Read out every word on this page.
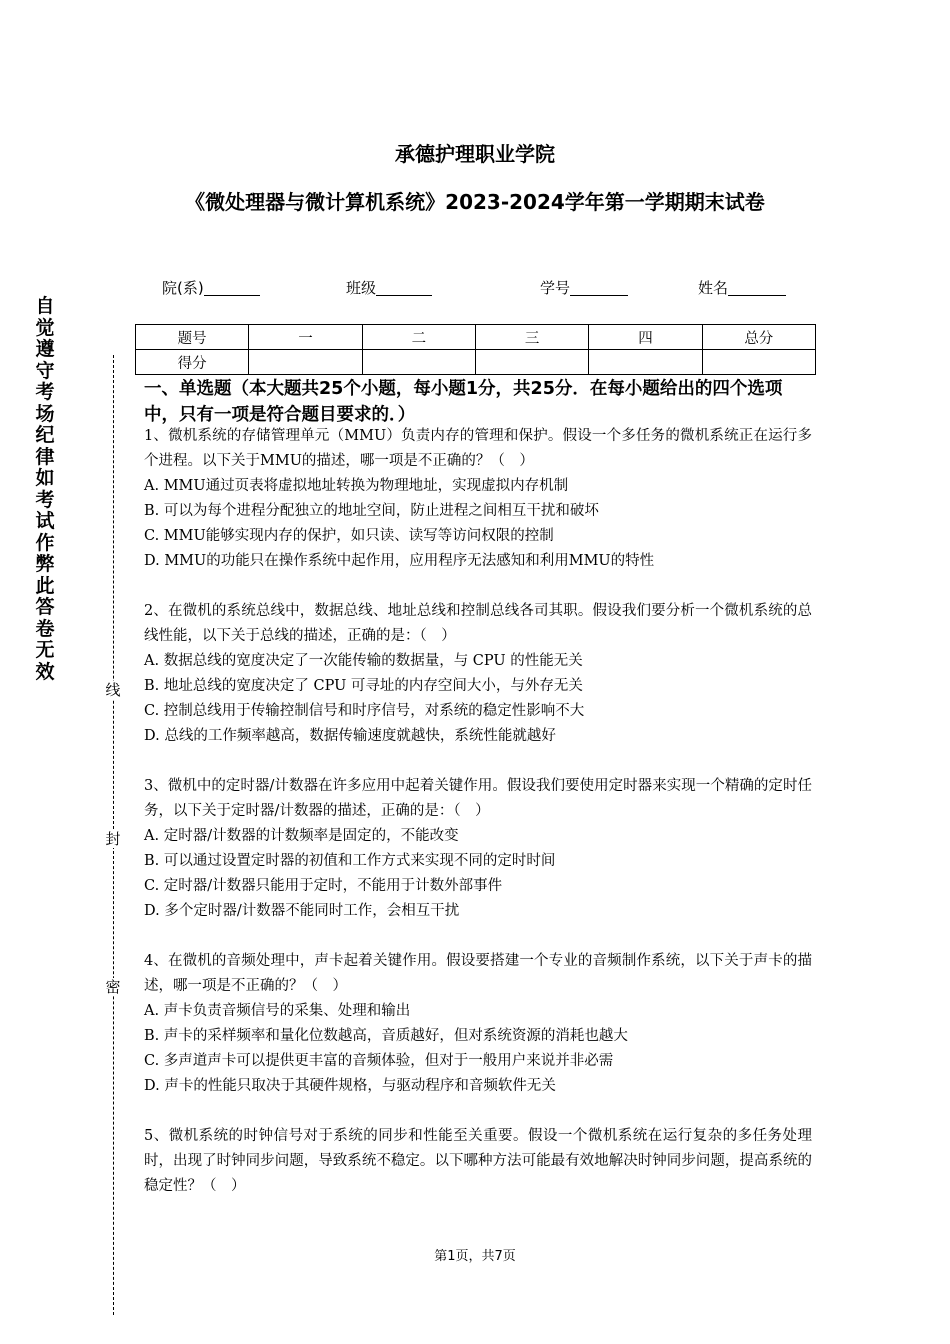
自觉遵守考场纪律如考试作弊此答卷无效
线
封
密
承德护理职业学院
《微处理器与微计算机系统》2023-2024学年第一学期期末试卷
院(系)	班级	学号	姓名
题号	一	二	三	四	总分
得分					
一、单选题（本大题共25个小题，每小题1分，共25分．在每小题给出的四个选项中，只有一项是符合题目要求的．）
1、微机系统的存储管理单元（MMU）负责内存的管理和保护。假设一个多任务的微机系统正在运行多个进程。以下关于MMU的描述，哪一项是不正确的？（　）
A. MMU通过页表将虚拟地址转换为物理地址，实现虚拟内存机制
B. 可以为每个进程分配独立的地址空间，防止进程之间相互干扰和破坏
C. MMU能够实现内存的保护，如只读、读写等访问权限的控制
D. MMU的功能只在操作系统中起作用，应用程序无法感知和利用MMU的特性
2、在微机的系统总线中，数据总线、地址总线和控制总线各司其职。假设我们要分析一个微机系统的总线性能，以下关于总线的描述，正确的是：（　）
A. 数据总线的宽度决定了一次能传输的数据量，与 CPU 的性能无关
B. 地址总线的宽度决定了 CPU 可寻址的内存空间大小，与外存无关
C. 控制总线用于传输控制信号和时序信号，对系统的稳定性影响不大
D. 总线的工作频率越高，数据传输速度就越快，系统性能就越好
3、微机中的定时器/计数器在许多应用中起着关键作用。假设我们要使用定时器来实现一个精确的定时任务，以下关于定时器/计数器的描述，正确的是：（　）
A. 定时器/计数器的计数频率是固定的，不能改变
B. 可以通过设置定时器的初值和工作方式来实现不同的定时时间
C. 定时器/计数器只能用于定时，不能用于计数外部事件
D. 多个定时器/计数器不能同时工作，会相互干扰
4、在微机的音频处理中，声卡起着关键作用。假设要搭建一个专业的音频制作系统，以下关于声卡的描述，哪一项是不正确的？（　）
A. 声卡负责音频信号的采集、处理和输出
B. 声卡的采样频率和量化位数越高，音质越好，但对系统资源的消耗也越大
C. 多声道声卡可以提供更丰富的音频体验，但对于一般用户来说并非必需
D. 声卡的性能只取决于其硬件规格，与驱动程序和音频软件无关
5、微机系统的时钟信号对于系统的同步和性能至关重要。假设一个微机系统在运行复杂的多任务处理时，出现了时钟同步问题，导致系统不稳定。以下哪种方法可能最有效地解决时钟同步问题，提高系统的稳定性？（　）
第1页，共7页
